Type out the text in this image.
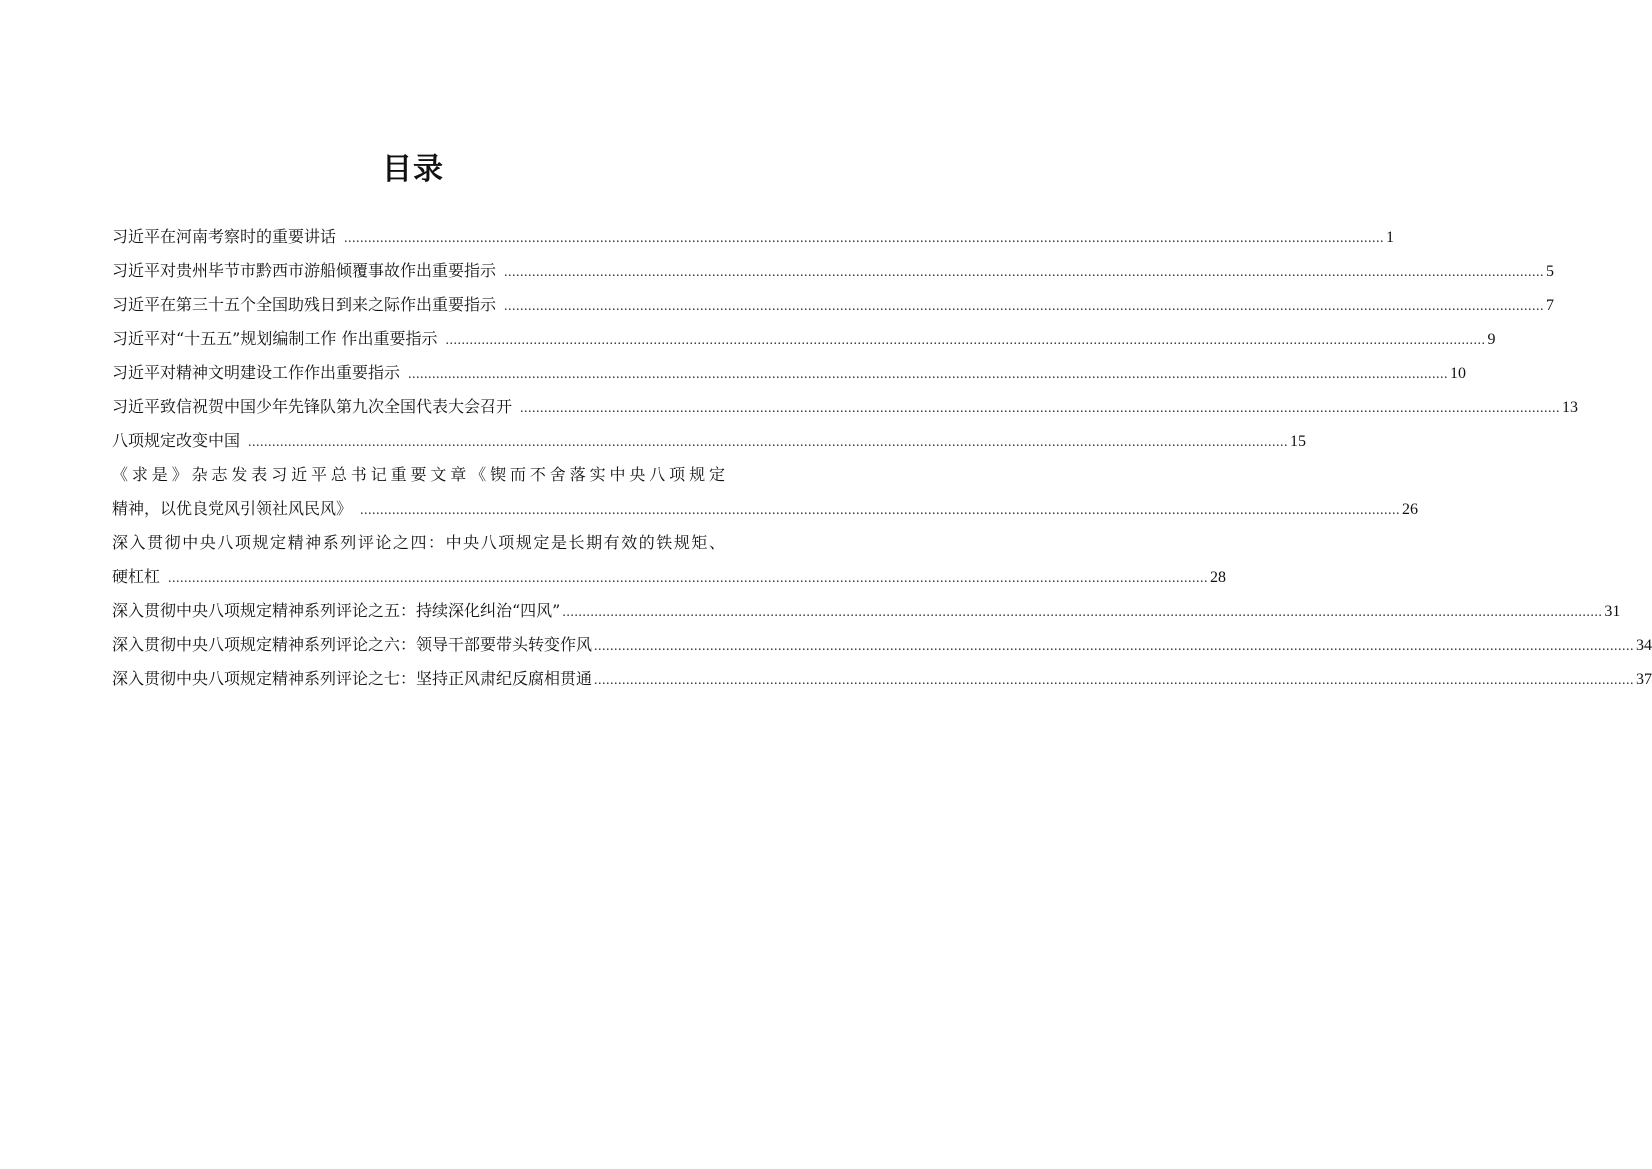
目录
习近平在河南考察时的重要讲话 .....	1
习近平对贵州毕节市黔西市游船倾覆事故作出重要指示 .....	5
习近平在第三十五个全国助残日到来之际作出重要指示 .....	7
习近平对“十五五”规划编制工作 作出重要指示 .....	9
习近平对精神文明建设工作作出重要指示 .....	10
习近平致信祝贺中国少年先锋队第九次全国代表大会召开 .....	13
八项规定改变中国 .....	15
《求是》杂志发表习近平总书记重要文章《锲而不舍落实中央八项规定
精神，以优良党风引领社风民风》 .....	26
深入贯彻中央八项规定精神系列评论之四：中央八项规定是长期有效的铁规矩、
硬杠杠 .....	28
深入贯彻中央八项规定精神系列评论之五：持续深化纠治“四风” .....	31
深入贯彻中央八项规定精神系列评论之六：领导干部要带头转变作风 .....	34
深入贯彻中央八项规定精神系列评论之七：坚持正风肃纪反腐相贯通 .....	37
